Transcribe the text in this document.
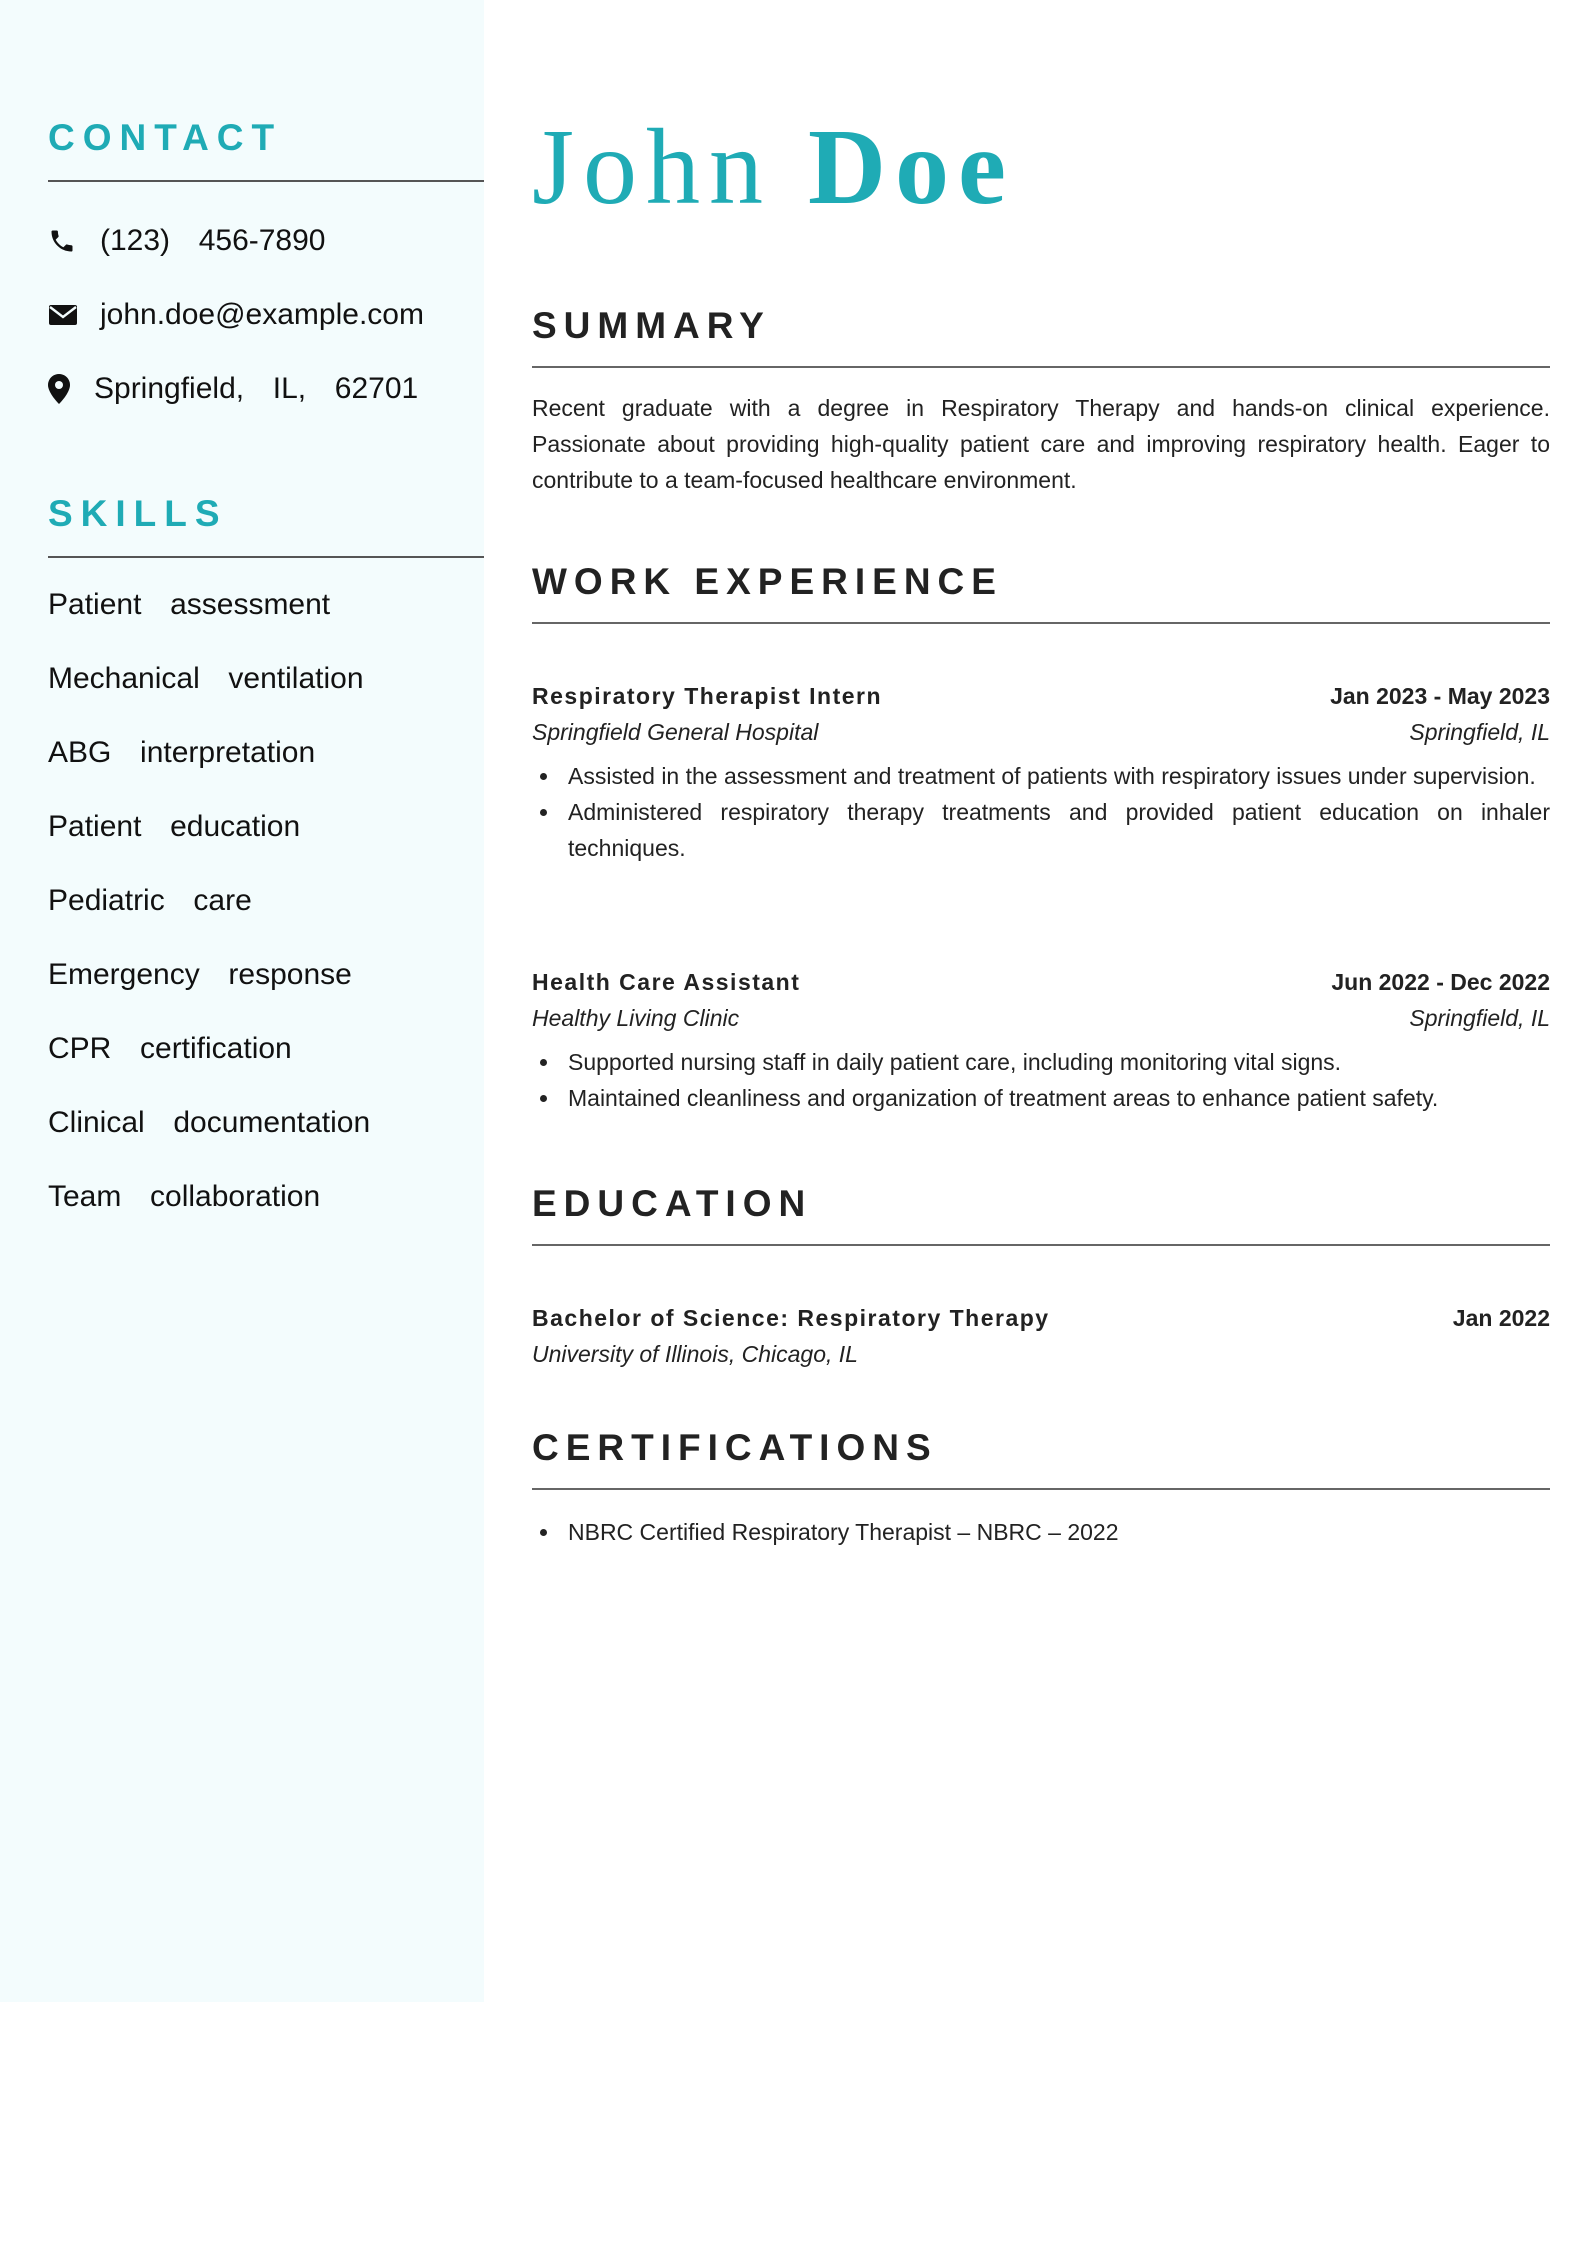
CONTACT
(123)  456-7890
john.doe@example.com
Springfield,  IL,  62701
SKILLS
Patient  assessment
Mechanical  ventilation
ABG  interpretation
Patient  education
Pediatric  care
Emergency  response
CPR  certification
Clinical  documentation
Team  collaboration
John Doe
SUMMARY
Recent graduate with a degree in Respiratory Therapy and hands-on clinical experience. Passionate about providing high-quality patient care and improving respiratory health. Eager to contribute to a team-focused healthcare environment.
WORK EXPERIENCE
Respiratory Therapist Intern	Jan 2023 - May 2023
Springfield General Hospital	Springfield, IL
Assisted in the assessment and treatment of patients with respiratory issues under supervision.
Administered respiratory therapy treatments and provided patient education on inhaler techniques.
Health Care Assistant	Jun 2022 - Dec 2022
Healthy Living Clinic	Springfield, IL
Supported nursing staff in daily patient care, including monitoring vital signs.
Maintained cleanliness and organization of treatment areas to enhance patient safety.
EDUCATION
Bachelor of Science: Respiratory Therapy	Jan 2022
University of Illinois, Chicago, IL
CERTIFICATIONS
NBRC Certified Respiratory Therapist – NBRC – 2022
